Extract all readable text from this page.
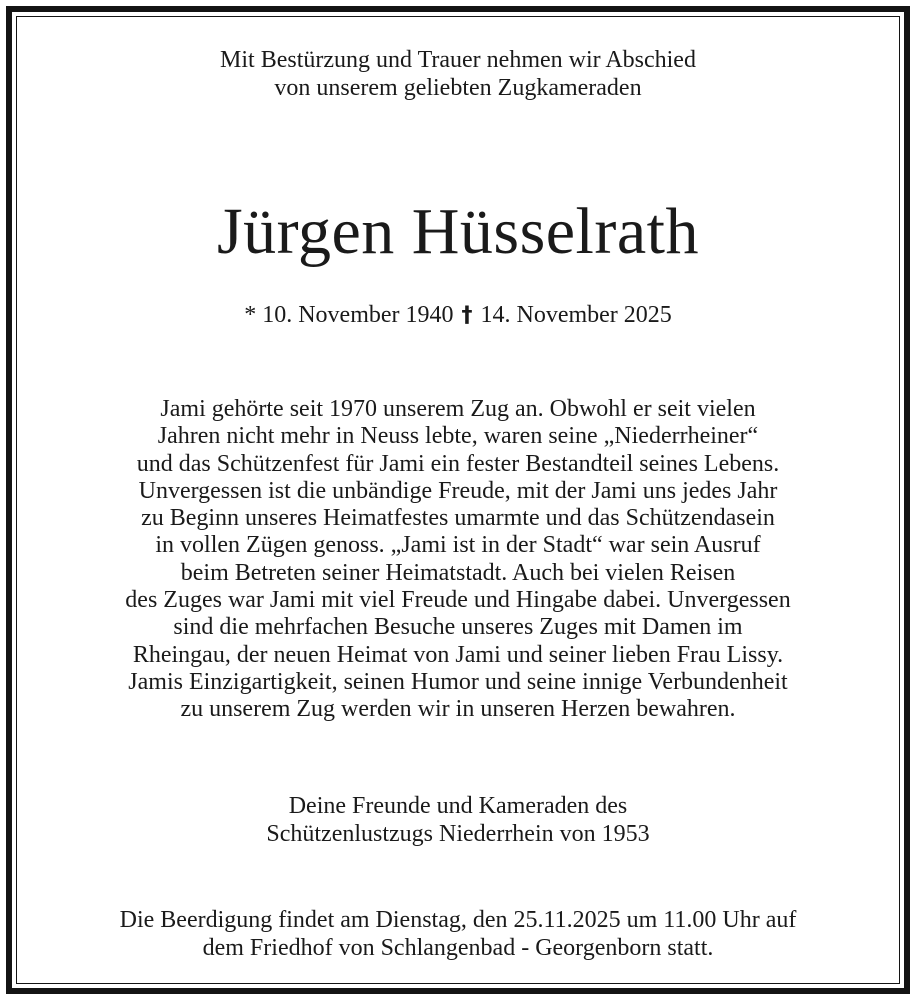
Mit Bestürzung und Trauer nehmen wir Abschied
von unserem geliebten Zugkameraden
Jürgen Hüsselrath
* 10. November 1940 † 14. November 2025
Jami gehörte seit 1970 unserem Zug an. Obwohl er seit vielen
Jahren nicht mehr in Neuss lebte, waren seine „Niederrheiner“
und das Schützenfest für Jami ein fester Bestandteil seines Lebens.
Unvergessen ist die unbändige Freude, mit der Jami uns jedes Jahr
zu Beginn unseres Heimatfestes umarmte und das Schützendasein
in vollen Zügen genoss. „Jami ist in der Stadt“ war sein Ausruf
beim Betreten seiner Heimatstadt. Auch bei vielen Reisen
des Zuges war Jami mit viel Freude und Hingabe dabei. Unvergessen
sind die mehrfachen Besuche unseres Zuges mit Damen im
Rheingau, der neuen Heimat von Jami und seiner lieben Frau Lissy.
Jamis Einzigartigkeit, seinen Humor und seine innige Verbundenheit
zu unserem Zug werden wir in unseren Herzen bewahren.
Deine Freunde und Kameraden des
Schützenlustzugs Niederrhein von 1953
Die Beerdigung findet am Dienstag, den 25.11.2025 um 11.00 Uhr auf
dem Friedhof von Schlangenbad - Georgenborn statt.
